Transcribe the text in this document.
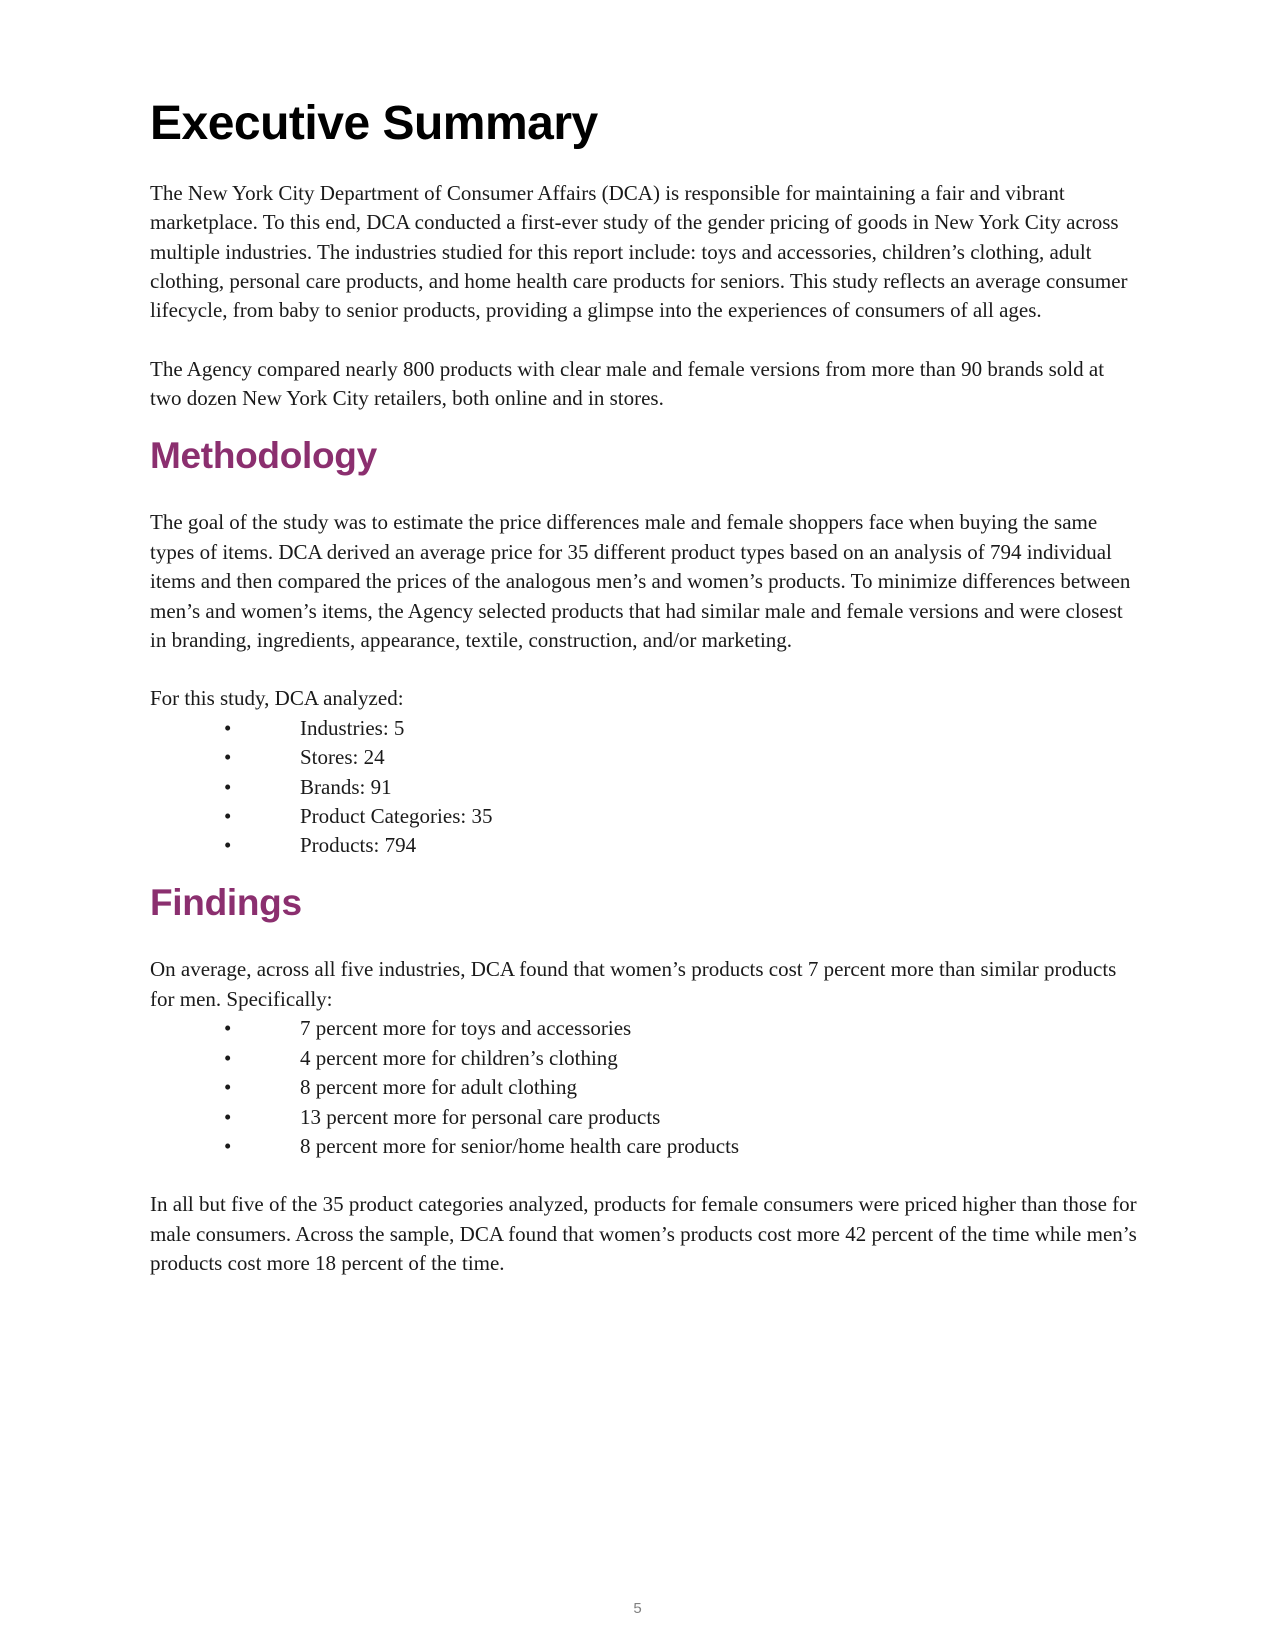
Executive Summary

The New York City Department of Consumer Affairs (DCA) is responsible for maintaining a fair and vibrant marketplace. To this end, DCA conducted a first-ever study of the gender pricing of goods in New York City across multiple industries. The industries studied for this report include: toys and accessories, children’s clothing, adult clothing, personal care products, and home health care products for seniors. This study reflects an average consumer lifecycle, from baby to senior products, providing a glimpse into the experiences of consumers of all ages.

The Agency compared nearly 800 products with clear male and female versions from more than 90 brands sold at two dozen New York City retailers, both online and in stores.

Methodology

The goal of the study was to estimate the price differences male and female shoppers face when buying the same types of items. DCA derived an average price for 35 different product types based on an analysis of 794 individual items and then compared the prices of the analogous men’s and women’s products. To minimize differences between men’s and women’s items, the Agency selected products that had similar male and female versions and were closest in branding, ingredients, appearance, textile, construction, and/or marketing.

For this study, DCA analyzed:

•	Industries: 5
•	Stores: 24
•	Brands: 91
•	Product Categories: 35
•	Products: 794
Findings

On average, across all five industries, DCA found that women’s products cost 7 percent more than similar products for men. Specifically:

•	7 percent more for toys and accessories
•	4 percent more for children’s clothing
•	8 percent more for adult clothing
•	13 percent more for personal care products
•	8 percent more for senior/home health care products

In all but five of the 35 product categories analyzed, products for female consumers were priced higher than those for male consumers. Across the sample, DCA found that women’s products cost more 42 percent of the time while men’s products cost more 18 percent of the time.

5
